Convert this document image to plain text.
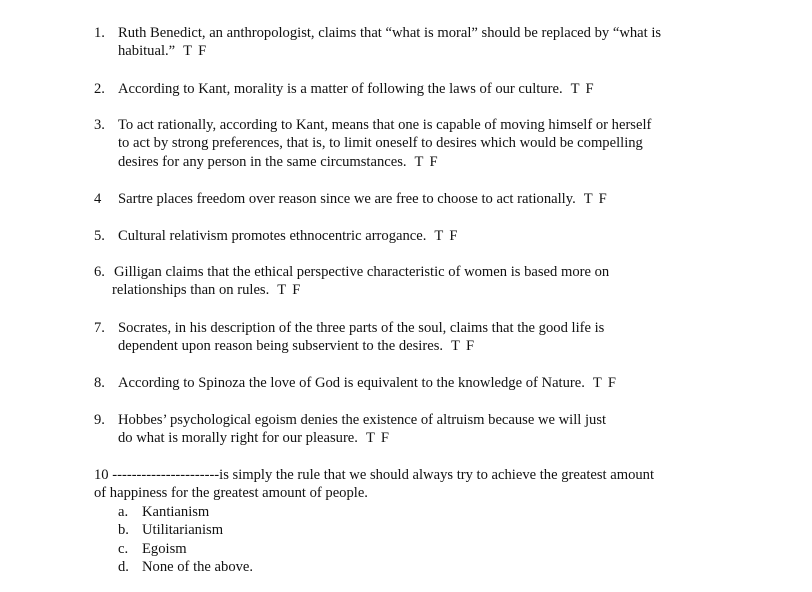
1. Ruth Benedict, an anthropologist, claims that “what is moral” should be replaced by “what is
habitual.” T F
2. According to Kant, morality is a matter of following the laws of our culture. T F
3. To act rationally, according to Kant, means that one is capable of moving himself or herself
to act by strong preferences, that is, to limit oneself to desires which would be compelling
desires for any person in the same circumstances. T F
4 Sartre places freedom over reason since we are free to choose to act rationally. T F
5. Cultural relativism promotes ethnocentric arrogance. T F
6. Gilligan claims that the ethical perspective characteristic of women is based more on
relationships than on rules. T F
7. Socrates, in his description of the three parts of the soul, claims that the good life is
dependent upon reason being subservient to the desires. T F
8. According to Spinoza the love of God is equivalent to the knowledge of Nature. T F
9. Hobbes’ psychological egoism denies the existence of altruism because we will just
do what is morally right for our pleasure. T F
10 ----------------------is simply the rule that we should always try to achieve the greatest amount
of happiness for the greatest amount of people.
a. Kantianism
b. Utilitarianism
c. Egoism
d. None of the above.
